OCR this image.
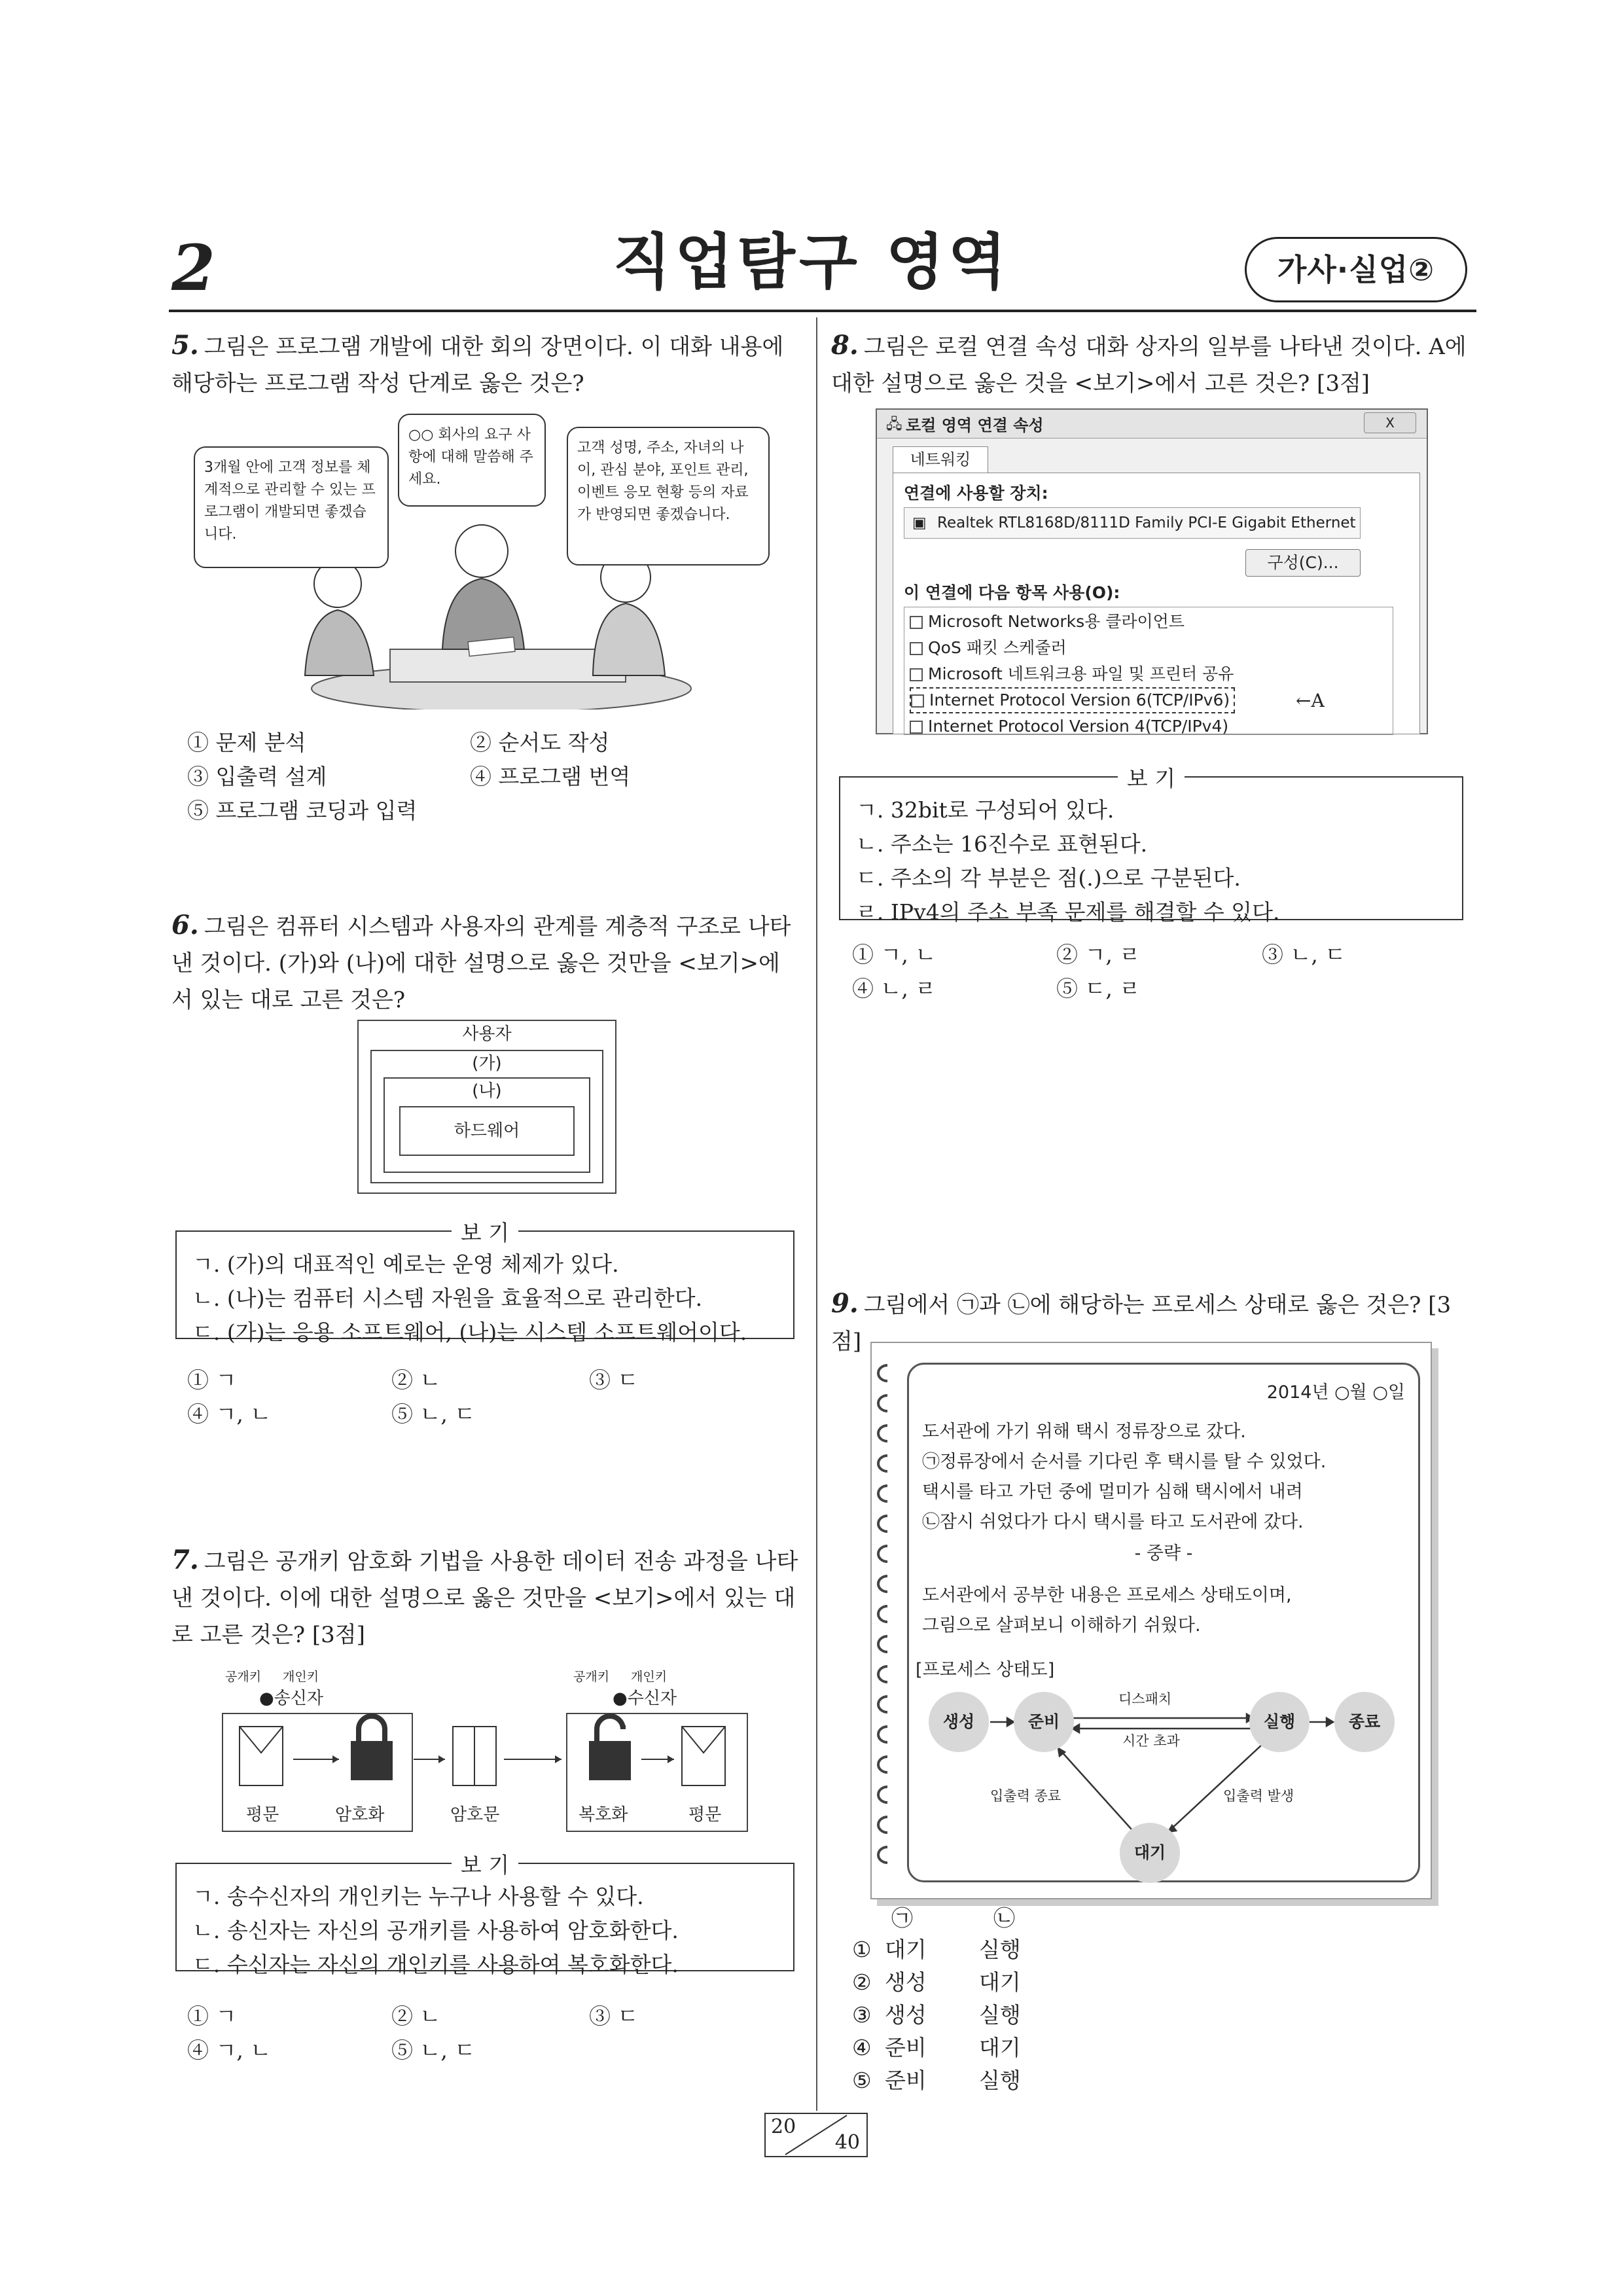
2	직업탐구 영역	가사·실업②
5. 그림은 프로그램 개발에 대한 회의 장면이다. 이 대화 내용에 해당하는 프로그램 작성 단계로 옳은 것은?
3개월 안에 고객 정보를 체계적으로 관리할 수 있는 프로그램이 개발되면 좋겠습니다.
○○ 회사의 요구 사항에 대해 말씀해 주세요.
고객 성명, 주소, 자녀의 나이, 관심 분야, 포인트 관리, 이벤트 응모 현황 등의 자료가 반영되면 좋겠습니다.
① 문제 분석	② 순서도 작성
③ 입출력 설계	④ 프로그램 번역
⑤ 프로그램 코딩과 입력
6. 그림은 컴퓨터 시스템과 사용자의 관계를 계층적 구조로 나타낸 것이다. (가)와 (나)에 대한 설명으로 옳은 것만을 <보기>에서 있는 대로 고른 것은?
사용자
(가)
(나)
하드웨어
보 기
ㄱ. (가)의 대표적인 예로는 운영 체제가 있다.
ㄴ. (나)는 컴퓨터 시스템 자원을 효율적으로 관리한다.
ㄷ. (가)는 응용 소프트웨어, (나)는 시스템 소프트웨어이다.
① ㄱ	② ㄴ	③ ㄷ
④ ㄱ, ㄴ	⑤ ㄴ, ㄷ
7. 그림은 공개키 암호화 기법을 사용한 데이터 전송 과정을 나타낸 것이다. 이에 대한 설명으로 옳은 것만을 <보기>에서 있는 대로 고른 것은? [3점]
공개키 개인키
●송신자
공개키 개인키
●수신자
평문	암호화	암호문	복호화	평문
보 기
ㄱ. 송수신자의 개인키는 누구나 사용할 수 있다.
ㄴ. 송신자는 자신의 공개키를 사용하여 암호화한다.
ㄷ. 수신자는 자신의 개인키를 사용하여 복호화한다.
① ㄱ	② ㄴ	③ ㄷ
④ ㄱ, ㄴ	⑤ ㄴ, ㄷ
8. 그림은 로컬 연결 속성 대화 상자의 일부를 나타낸 것이다. A에 대한 설명으로 옳은 것을 <보기>에서 고른 것은? [3점]
🖧 로컬 영역 연결 속성	X
네트워킹
연결에 사용할 장치:
▣ Realtek RTL8168D/8111D Family PCI-E Gigabit Ethernet
구성(C)...
이 연결에 다음 항목 사용(O):
Microsoft Networks용 클라이언트
QoS 패킷 스케줄러
Microsoft 네트워크용 파일 및 프린터 공유
Internet Protocol Version 6(TCP/IPv6)
Internet Protocol Version 4(TCP/IPv4)
←A
보 기
ㄱ. 32bit로 구성되어 있다.
ㄴ. 주소는 16진수로 표현된다.
ㄷ. 주소의 각 부분은 점(.)으로 구분된다.
ㄹ. IPv4의 주소 부족 문제를 해결할 수 있다.
① ㄱ, ㄴ	② ㄱ, ㄹ	③ ㄴ, ㄷ
④ ㄴ, ㄹ	⑤ ㄷ, ㄹ
9. 그림에서 ㉠과 ㉡에 해당하는 프로세스 상태로 옳은 것은? [3점]
2014년 ○월 ○일
도서관에 가기 위해 택시 정류장으로 갔다.
㉠정류장에서 순서를 기다린 후 택시를 탈 수 있었다.
택시를 타고 가던 중에 멀미가 심해 택시에서 내려
㉡잠시 쉬었다가 다시 택시를 타고 도서관에 갔다.
- 중략 -
도서관에서 공부한 내용은 프로세스 상태도이며,
그림으로 살펴보니 이해하기 쉬웠다.
[프로세스 상태도]
생성	준비	실행	종료
대기
디스패치
시간 초과
입출력 종료	입출력 발생
㉠	㉡
① 대기	실행
② 생성	대기
③ 생성	실행
④ 준비	대기
⑤ 준비	실행
20
40
